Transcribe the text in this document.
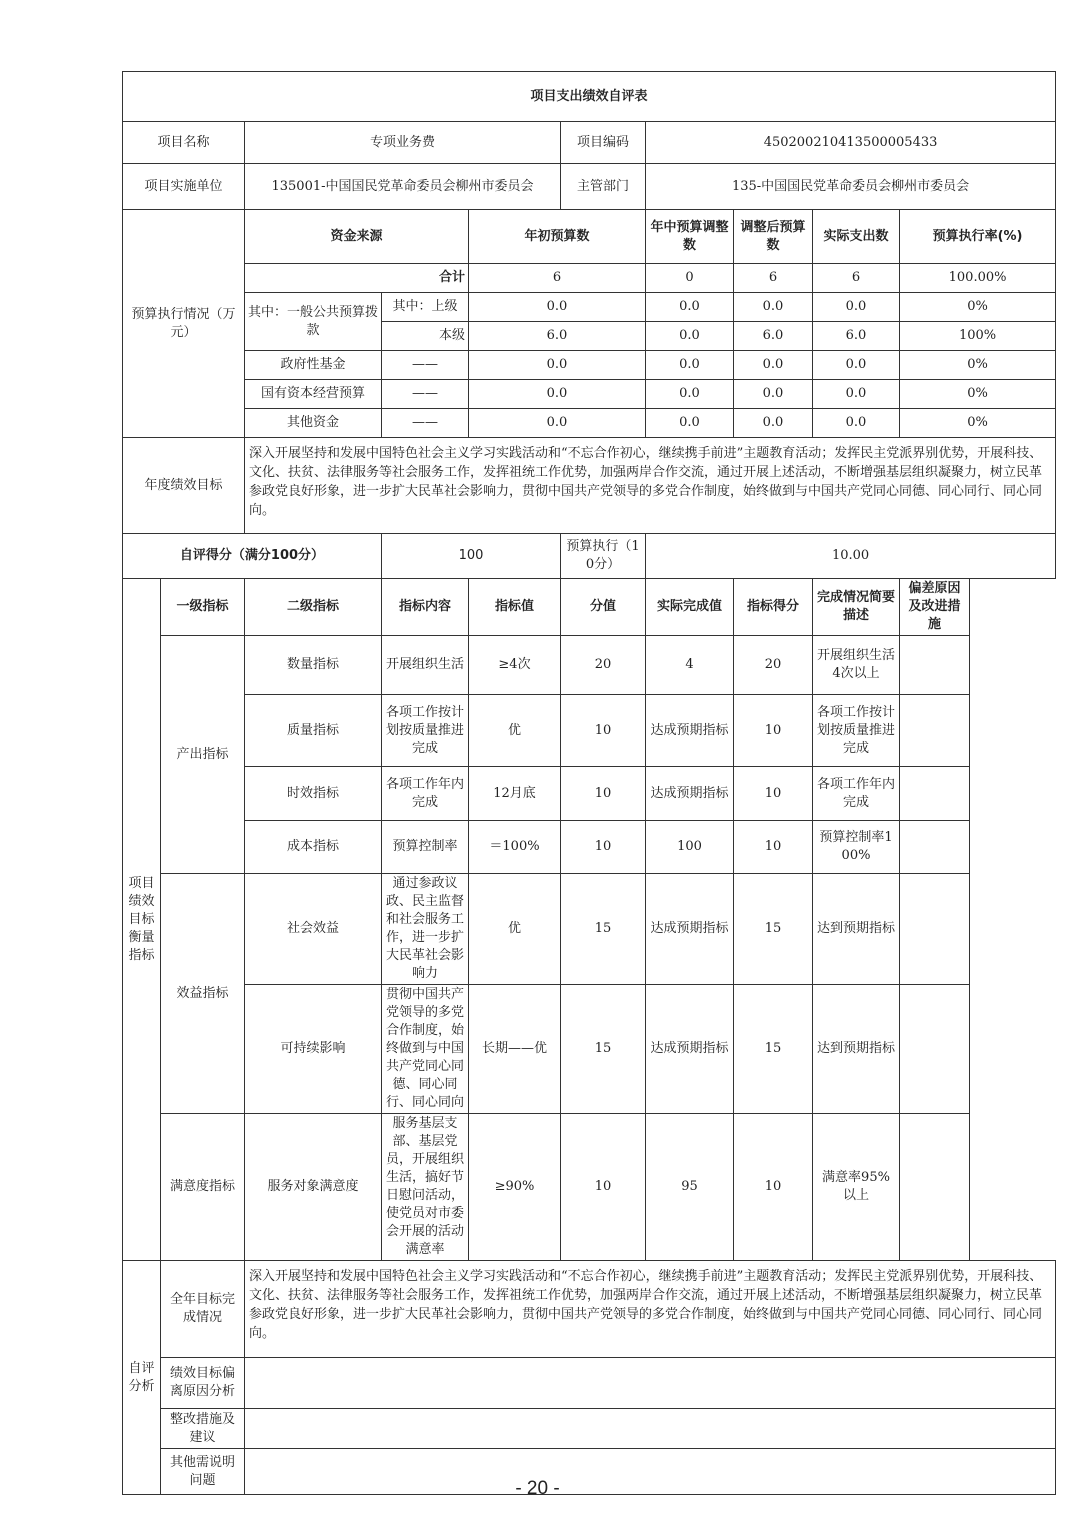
项目支出绩效自评表									
项目名称		专项业务费			项目编码	450200210413500005433			
项目实施单位		135001-中国国民党革命委员会柳州市委员会			主管部门	135-中国国民党革命委员会柳州市委员会			
预算执行情况（万元）		资金来源		年初预算数		年中预算调整数	调整后预算数	实际支出数	预算执行率(%)
		合计		6		0	6	6	100.00%
		其中：一般公共预算拨款	其中：上级	0.0		0.0	0.0	0.0	0%
			本级	6.0		0.0	6.0	6.0	100%
		政府性基金	——	0.0		0.0	0.0	0.0	0%
		国有资本经营预算	——	0.0		0.0	0.0	0.0	0%
		其他资金	——	0.0		0.0	0.0	0.0	0%
年度绩效目标		深入开展坚持和发展中国特色社会主义学习实践活动和“不忘合作初心，继续携手前进”主题教育活动；发挥民主党派界别优势，开展科技、文化、扶贫、法律服务等社会服务工作，发挥祖统工作优势，加强两岸合作交流，通过开展上述活动，不断增强基层组织凝聚力，树立民革参政党良好形象，进一步扩大民革社会影响力，贯彻中国共产党领导的多党合作制度，始终做到与中国共产党同心同德、同心同行、同心同向。							
自评得分（满分100分）			100		预算执行（10分）	10.00			
项目绩效目标衡量指标	一级指标	二级指标	指标内容	指标值	分值	实际完成值	指标得分	完成情况简要描述	偏差原因及改进措施
	产出指标	数量指标	开展组织生活	≥4次	20	4	20	开展组织生活4次以上	
		质量指标	各项工作按计划按质量推进完成	优	10	达成预期指标	10	各项工作按计划按质量推进完成	
		时效指标	各项工作年内完成	12月底	10	达成预期指标	10	各项工作年内完成	
		成本指标	预算控制率	＝100%	10	100	10	预算控制率100%	
	效益指标	社会效益	通过参政议政、民主监督和社会服务工作，进一步扩大民革社会影响力	优	15	达成预期指标	15	达到预期指标	
		可持续影响	贯彻中国共产党领导的多党合作制度，始终做到与中国共产党同心同德、同心同行、同心同向	长期——优	15	达成预期指标	15	达到预期指标	
	满意度指标	服务对象满意度	服务基层支部、基层党员，开展组织生活，搞好节日慰问活动，使党员对市委会开展的活动满意率	≥90%	10	95	10	满意率95%以上	
自评分析	全年目标完成情况	深入开展坚持和发展中国特色社会主义学习实践活动和“不忘合作初心，继续携手前进”主题教育活动；发挥民主党派界别优势，开展科技、文化、扶贫、法律服务等社会服务工作，发挥祖统工作优势，加强两岸合作交流，通过开展上述活动，不断增强基层组织凝聚力，树立民革参政党良好形象，进一步扩大民革社会影响力，贯彻中国共产党领导的多党合作制度，始终做到与中国共产党同心同德、同心同行、同心同向。							
	绩效目标偏离原因分析								
	整改措施及建议								
	其他需说明问题									- 20 -
